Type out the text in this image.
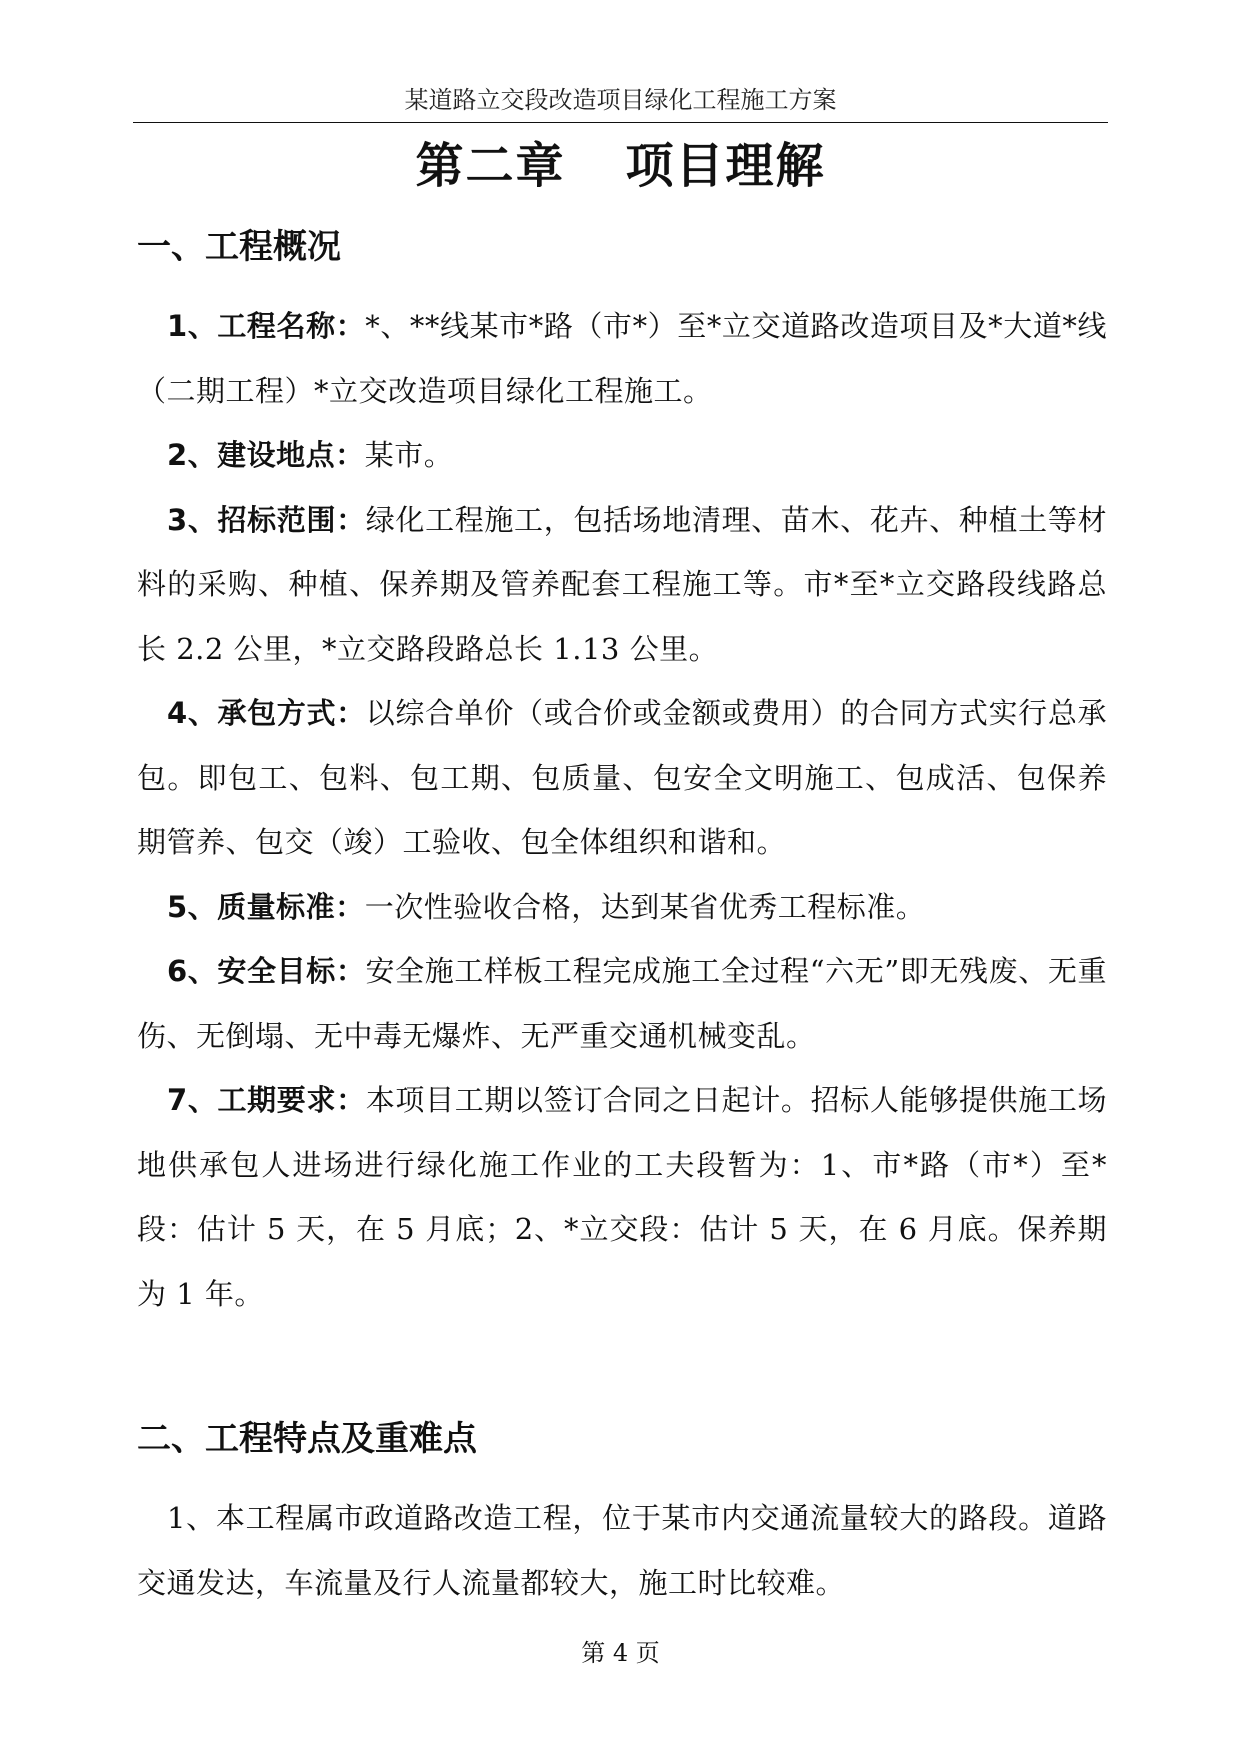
某道路立交段改造项目绿化工程施工方案
第二章 项目理解
一、工程概况

1、工程名称：*、**线某市*路（市*）至*立交道路改造项目及*大道*线（二期工程）*立交改造项目绿化工程施工。

2、建设地点：某市。

3、招标范围：绿化工程施工，包括场地清理、苗木、花卉、种植土等材料的采购、种植、保养期及管养配套工程施工等。市*至*立交路段线路总长 2.2 公里，*立交路段路总长 1.13 公里。

4、承包方式：以综合单价（或合价或金额或费用）的合同方式实行总承包。即包工、包料、包工期、包质量、包安全文明施工、包成活、包保养期管养、包交（竣）工验收、包全体组织和谐和。

5、质量标准：一次性验收合格，达到某省优秀工程标准。

6、安全目标：安全施工样板工程完成施工全过程“六无”即无残废、无重伤、无倒塌、无中毒无爆炸、无严重交通机械变乱。

7、工期要求：本项目工期以签订合同之日起计。招标人能够提供施工场地供承包人进场进行绿化施工作业的工夫段暂为：1、市*路（市*）至*段：估计 5 天，在 5 月底；2、*立交段：估计 5 天，在 6 月底。保养期为 1 年。

二、工程特点及重难点

1、本工程属市政道路改造工程，位于某市内交通流量较大的路段。道路交通发达，车流量及行人流量都较大，施工时比较难。

第 4 页
